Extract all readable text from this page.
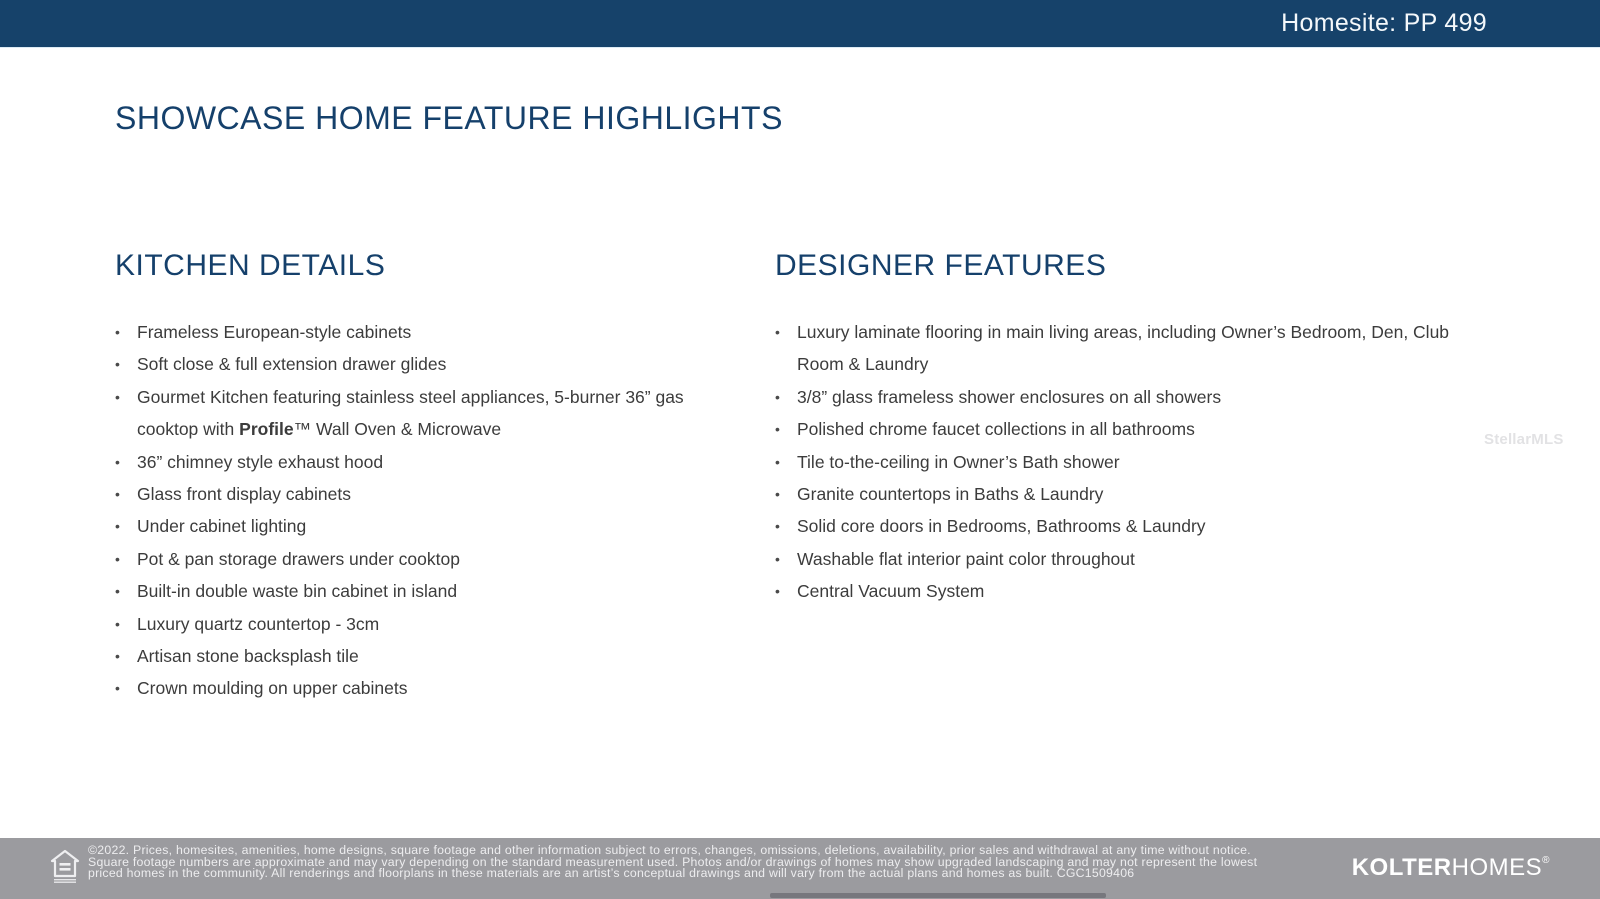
Homesite: PP 499
SHOWCASE HOME FEATURE HIGHLIGHTS
KITCHEN DETAILS
• Frameless European-style cabinets
• Soft close & full extension drawer glides
• Gourmet Kitchen featuring stainless steel appliances, 5-burner 36” gas cooktop with Profile™ Wall Oven & Microwave
• 36” chimney style exhaust hood
• Glass front display cabinets
• Under cabinet lighting
• Pot & pan storage drawers under cooktop
• Built-in double waste bin cabinet in island
• Luxury quartz countertop - 3cm
• Artisan stone backsplash tile
• Crown moulding on upper cabinets
DESIGNER FEATURES
• Luxury laminate flooring in main living areas, including Owner’s Bedroom, Den, Club Room & Laundry
• 3/8” glass frameless shower enclosures on all showers
• Polished chrome faucet collections in all bathrooms
• Tile to-the-ceiling in Owner’s Bath shower
• Granite countertops in Baths & Laundry
• Solid core doors in Bedrooms, Bathrooms & Laundry
• Washable flat interior paint color throughout
• Central Vacuum System
StellarMLS
©2022. Prices, homesites, amenities, home designs, square footage and other information subject to errors, changes, omissions, deletions, availability, prior sales and withdrawal at any time without notice.
Square footage numbers are approximate and may vary depending on the standard measurement used. Photos and/or drawings of homes may show upgraded landscaping and may not represent the lowest
priced homes in the community. All renderings and floorplans in these materials are an artist’s conceptual drawings and will vary from the actual plans and homes as built. CGC1509406	KOLTERHOMES®
